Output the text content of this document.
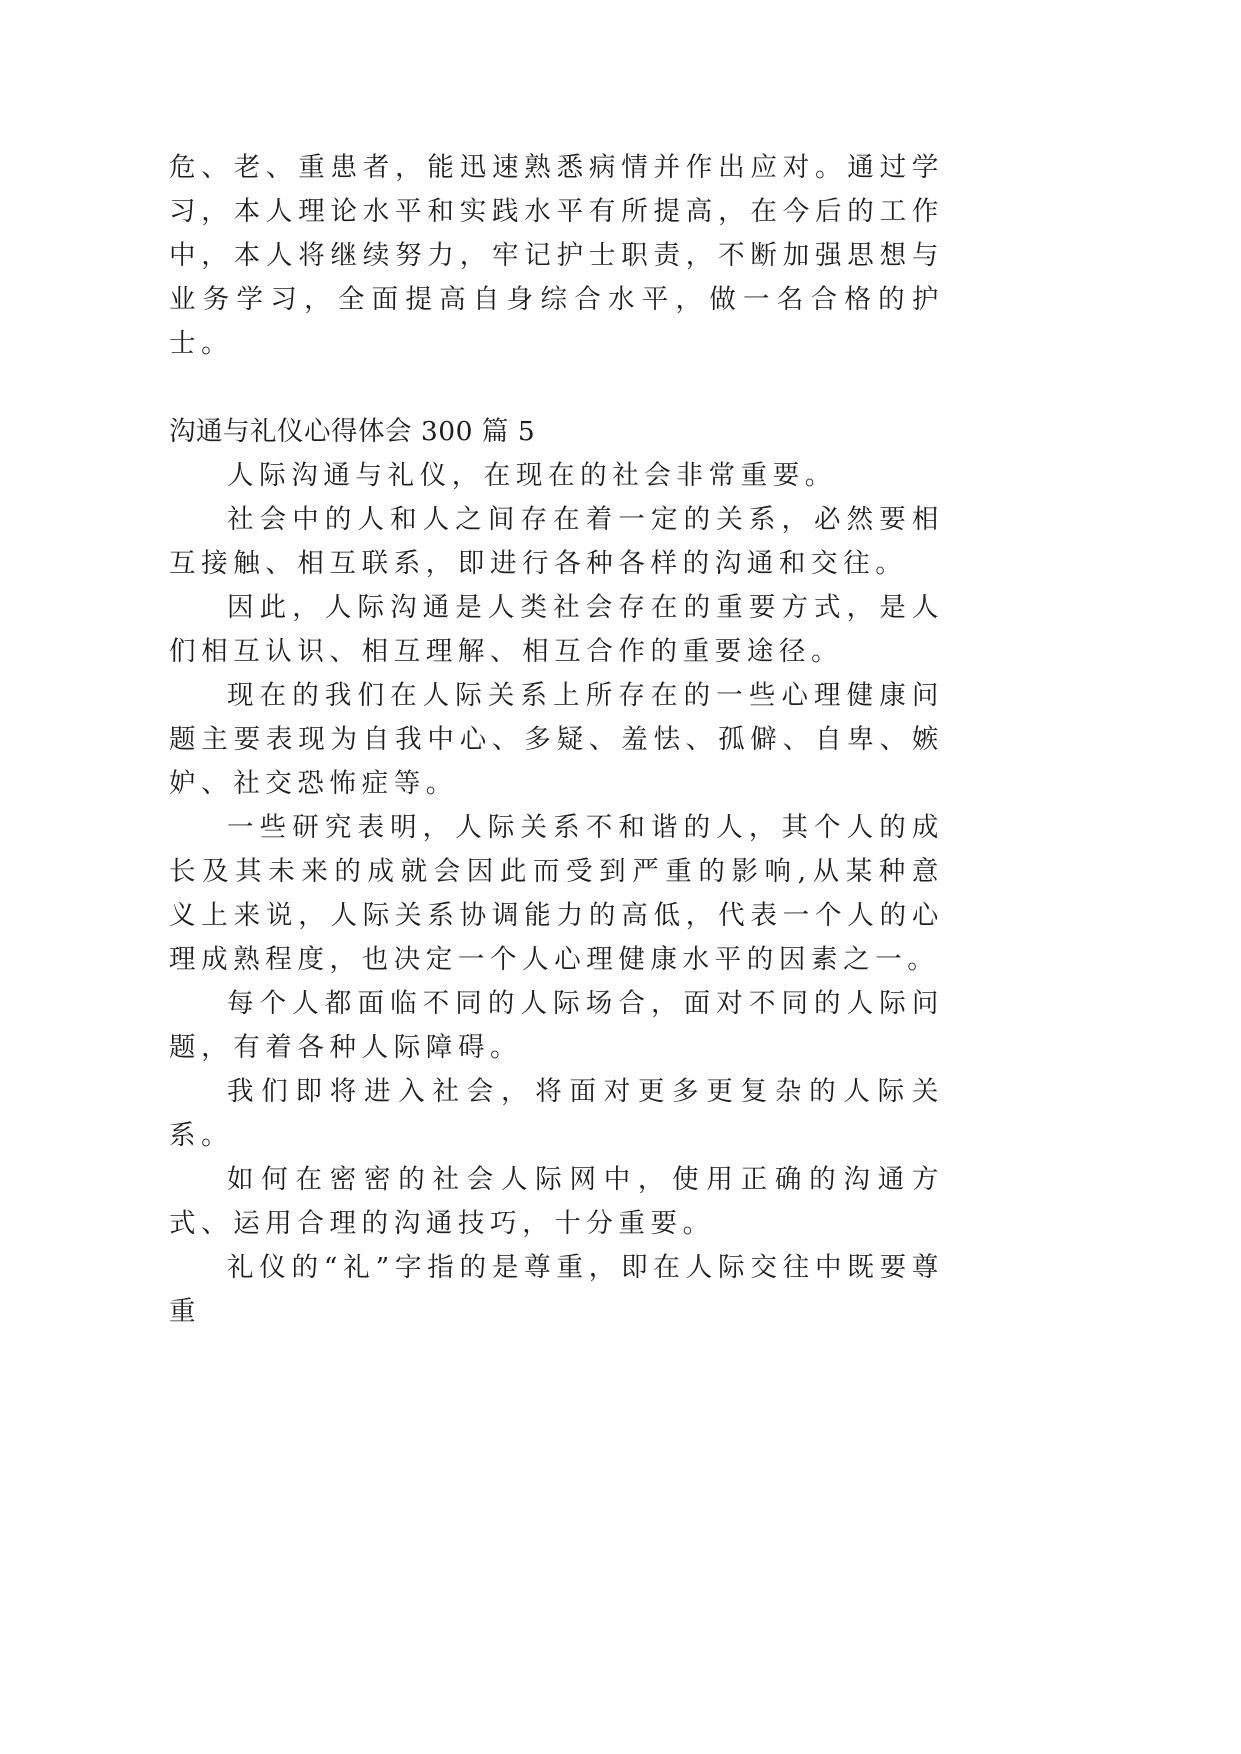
危、老、重患者，能迅速熟悉病情并作出应对。通过学习，本人理论水平和实践水平有所提高，在今后的工作中，本人将继续努力，牢记护士职责，不断加强思想与业务学习，全面提高自身综合水平，做一名合格的护士。

沟通与礼仪心得体会 300 篇 5

人际沟通与礼仪，在现在的社会非常重要。

社会中的人和人之间存在着一定的关系，必然要相互接触、相互联系，即进行各种各样的沟通和交往。

因此，人际沟通是人类社会存在的重要方式，是人们相互认识、相互理解、相互合作的重要途径。

现在的我们在人际关系上所存在的一些心理健康问题主要表现为自我中心、多疑、羞怯、孤僻、自卑、嫉妒、社交恐怖症等。

一些研究表明，人际关系不和谐的人，其个人的成长及其未来的成就会因此而受到严重的影响,从某种意义上来说，人际关系协调能力的高低，代表一个人的心理成熟程度，也决定一个人心理健康水平的因素之一。

每个人都面临不同的人际场合，面对不同的人际问题，有着各种人际障碍。

我们即将进入社会，将面对更多更复杂的人际关系。

如何在密密的社会人际网中，使用正确的沟通方式、运用合理的沟通技巧，十分重要。

礼仪的“礼”字指的是尊重，即在人际交往中既要尊重
